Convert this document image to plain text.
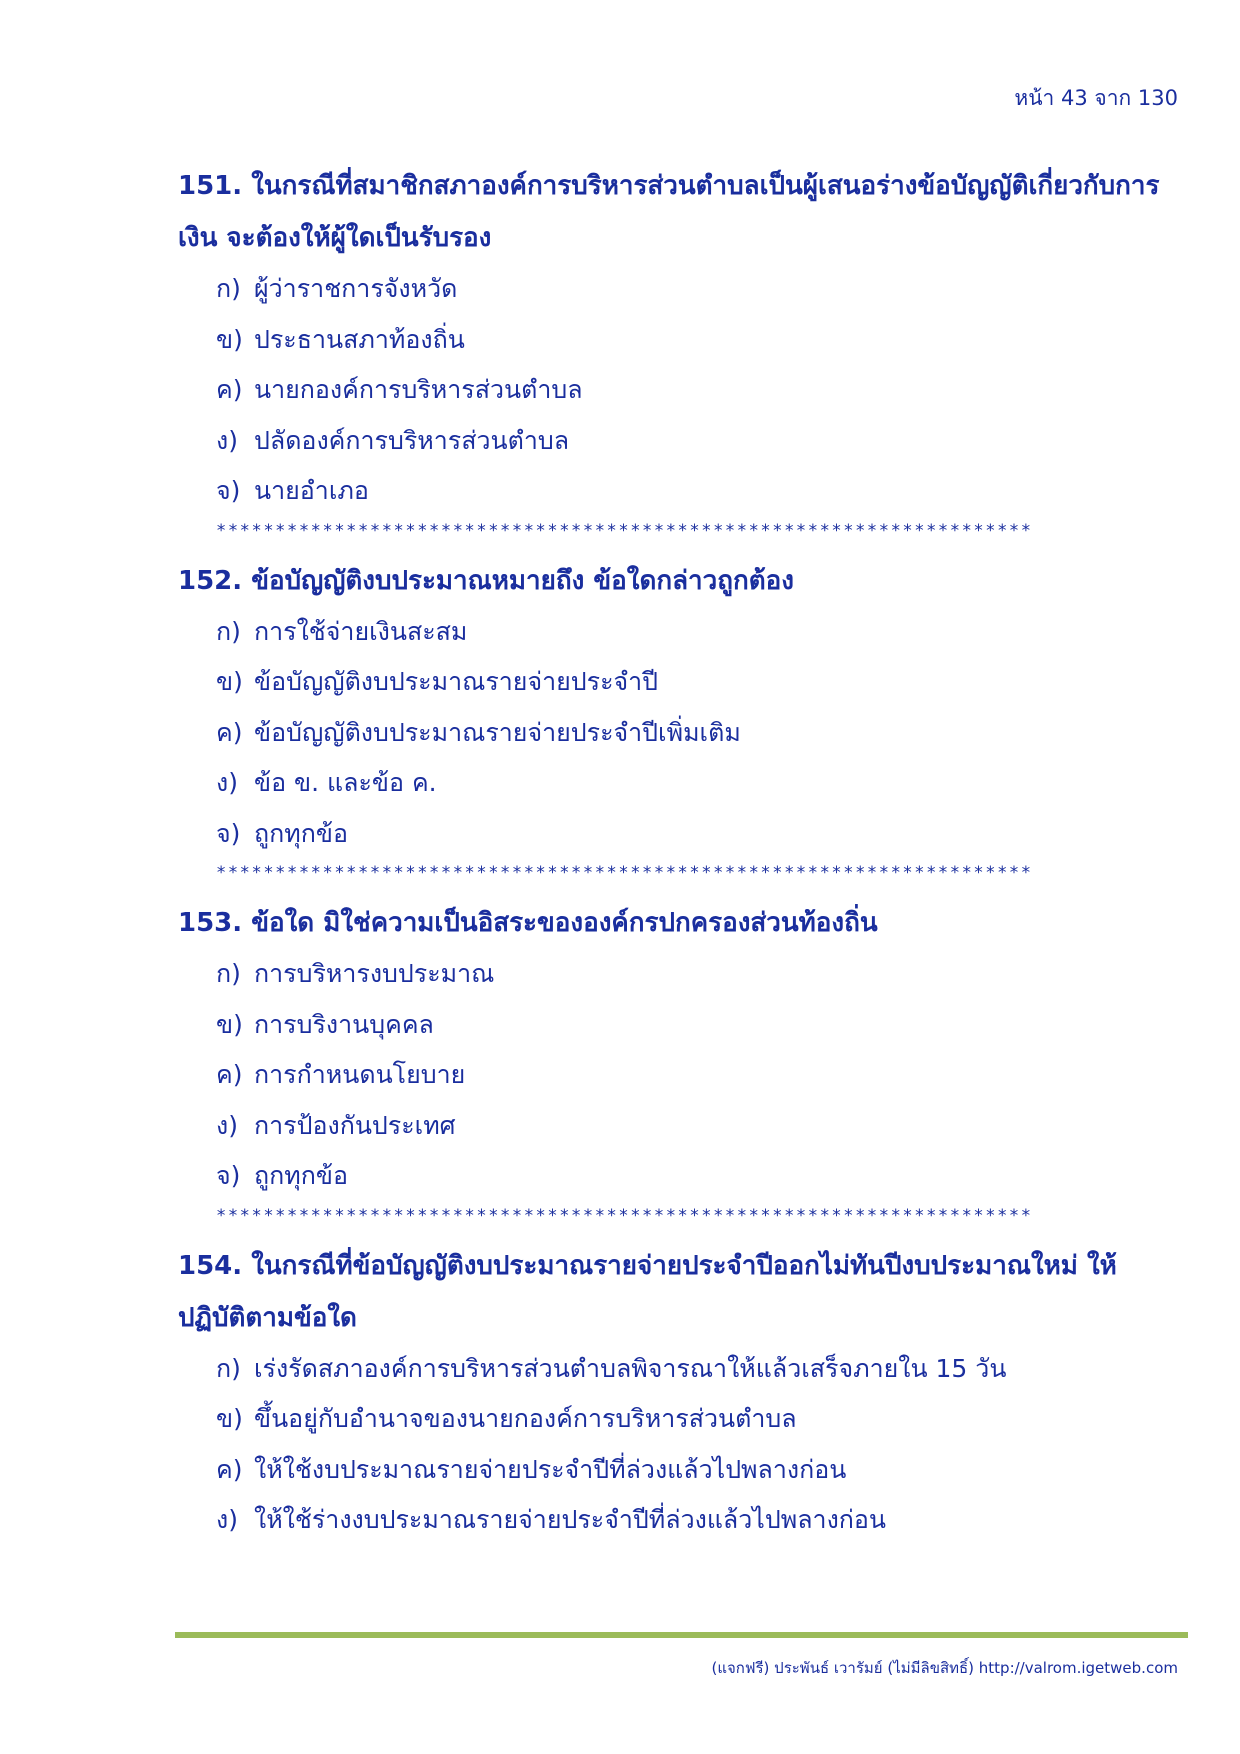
หน้า 43 จาก 130
151. ในกรณีที่สมาชิกสภาองค์การบริหารส่วนตำบลเป็นผู้เสนอร่างข้อบัญญัติเกี่ยวกับการเงิน จะต้องให้ผู้ใดเป็นรับรอง
ก) ผู้ว่าราชการจังหวัด
ข) ประธานสภาท้องถิ่น
ค) นายกองค์การบริหารส่วนตำบล
ง) ปลัดองค์การบริหารส่วนตำบล
จ) นายอำเภอ
*********************************************************************
152. ข้อบัญญัติงบประมาณหมายถึง ข้อใดกล่าวถูกต้อง
ก) การใช้จ่ายเงินสะสม
ข) ข้อบัญญัติงบประมาณรายจ่ายประจำปี
ค) ข้อบัญญัติงบประมาณรายจ่ายประจำปีเพิ่มเติม
ง) ข้อ ข. และข้อ ค.
จ) ถูกทุกข้อ
*********************************************************************
153. ข้อใด มิใช่ความเป็นอิสระขององค์กรปกครองส่วนท้องถิ่น
ก) การบริหารงบประมาณ
ข) การบริงานบุคคล
ค) การกำหนดนโยบาย
ง) การป้องกันประเทศ
จ) ถูกทุกข้อ
*********************************************************************
154. ในกรณีที่ข้อบัญญัติงบประมาณรายจ่ายประจำปีออกไม่ทันปีงบประมาณใหม่ ให้ปฏิบัติตามข้อใด
ก) เร่งรัดสภาองค์การบริหารส่วนตำบลพิจารณาให้แล้วเสร็จภายใน 15 วัน
ข) ขึ้นอยู่กับอำนาจของนายกองค์การบริหารส่วนตำบล
ค) ให้ใช้งบประมาณรายจ่ายประจำปีที่ล่วงแล้วไปพลางก่อน
ง) ให้ใช้ร่างงบประมาณรายจ่ายประจำปีที่ล่วงแล้วไปพลางก่อน
(แจกฟรี) ประพันธ์ เวารัมย์ (ไม่มีลิขสิทธิ์) http://valrom.igetweb.com
